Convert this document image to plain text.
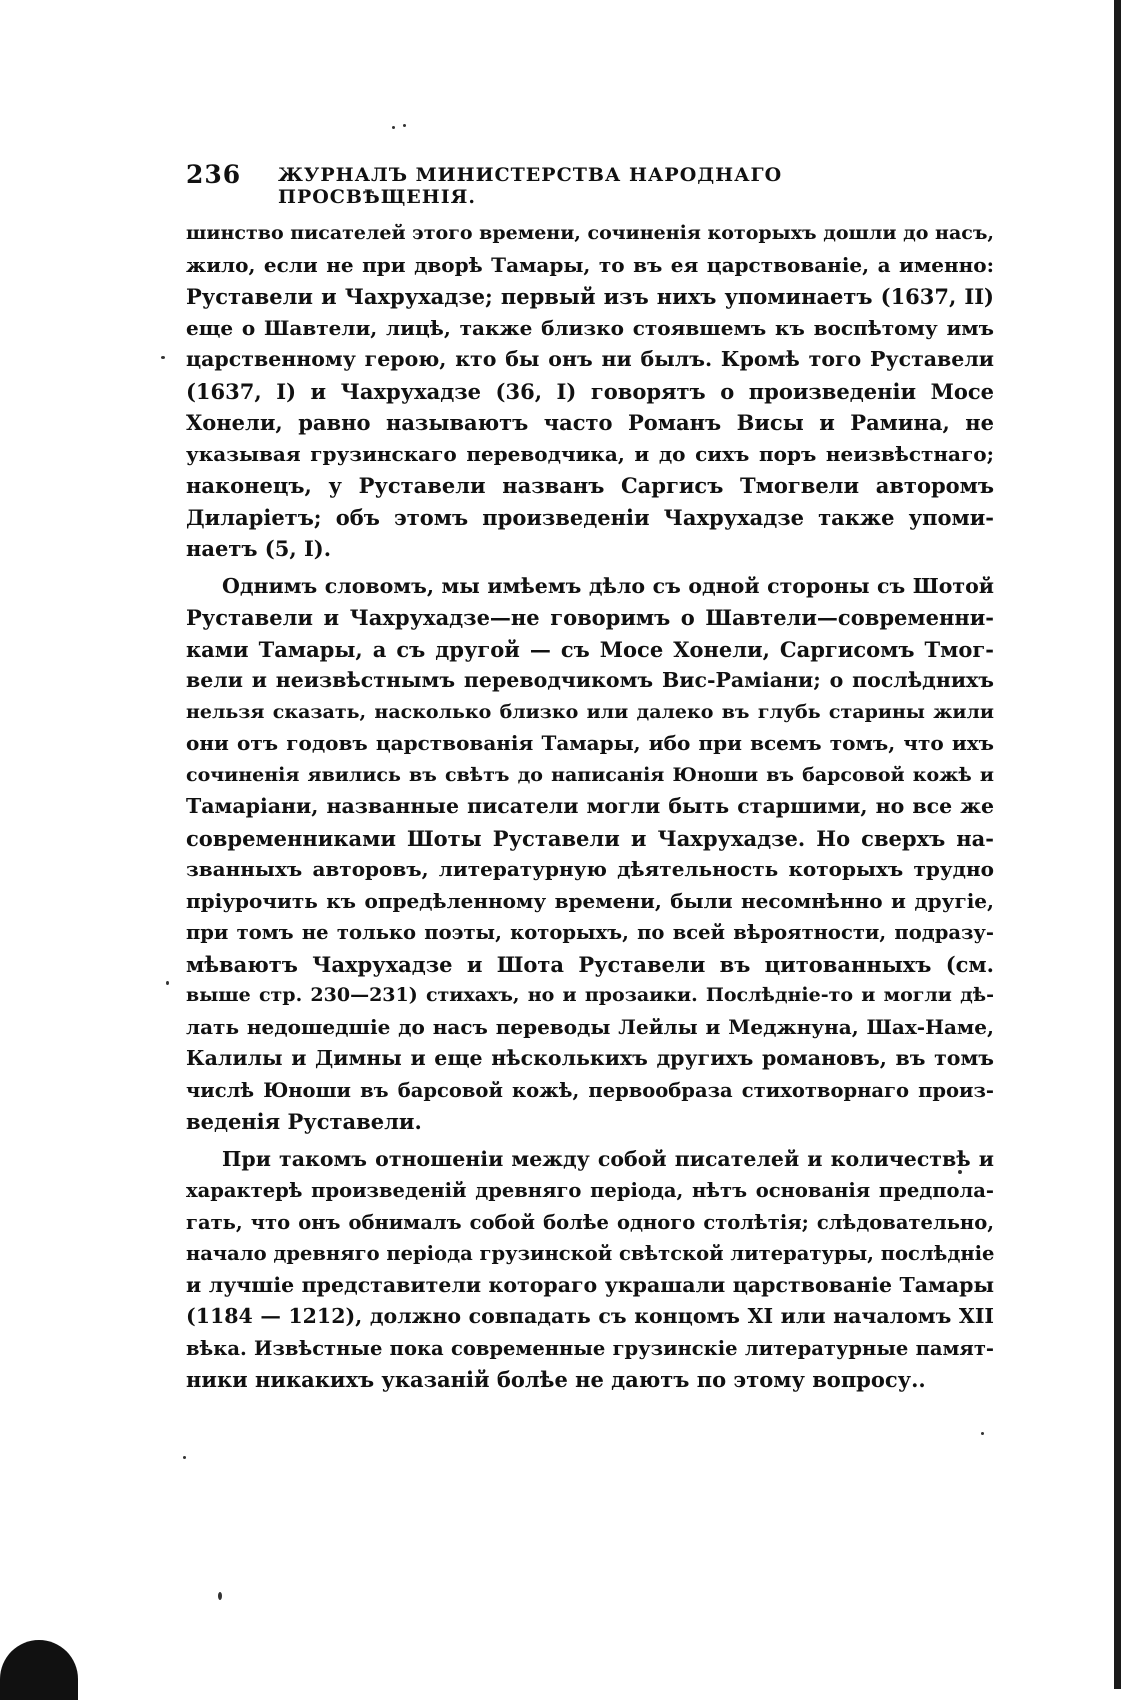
236 ЖУРНАЛЪ МИНИСТЕРСТВА НАРОДНАГО ПРОСВѢЩЕНІЯ.
шинство писателей этого времени, сочиненія которыхъ дошли до насъ,
жило, если не при дворѣ Тамары, то въ ея царствованіе, а именно:
Руставели и Чахрухадзе; первый изъ нихъ упоминаетъ (1637, II)
еще о Шавтели, лицѣ, также близко стоявшемъ къ воспѣтому имъ
царственному герою, кто бы онъ ни былъ. Кромѣ того Руставели
(1637, I) и Чахрухадзе (36, I) говорятъ о произведеніи Мосе
Хонели, равно называютъ часто Романъ Висы и Рамина, не
указывая грузинскаго переводчика, и до сихъ поръ неизвѣстнаго;
наконецъ, у Руставели названъ Саргисъ Тмогвели авторомъ
Диларіетъ; объ этомъ произведеніи Чахрухадзе также упоми-
наетъ (5, I).
Однимъ словомъ, мы имѣемъ дѣло съ одной стороны съ Шотой
Руставели и Чахрухадзе—не говоримъ о Шавтели—современни-
ками Тамары, а съ другой — съ Мосе Хонели, Саргисомъ Тмог-
вели и неизвѣстнымъ переводчикомъ Вис-Раміани; о послѣднихъ
нельзя сказать, насколько близко или далеко въ глубь старины жили
они отъ годовъ царствованія Тамары, ибо при всемъ томъ, что ихъ
сочиненія явились въ свѣтъ до написанія Юноши въ барсовой кожѣ и
Тамаріани, названные писатели могли быть старшими, но все же
современниками Шоты Руставели и Чахрухадзе. Но сверхъ на-
званныхъ авторовъ, литературную дѣятельность которыхъ трудно
пріурочить къ опредѣленному времени, были несомнѣнно и другіе,
при томъ не только поэты, которыхъ, по всей вѣроятности, подразу-
мѣваютъ Чахрухадзе и Шота Руставели въ цитованныхъ (см.
выше стр. 230—231) стихахъ, но и прозаики. Послѣдніе-то и могли дѣ-
лать недошедшіе до насъ переводы Лейлы и Меджнуна, Шах-Наме,
Калилы и Димны и еще нѣсколькихъ другихъ романовъ, въ томъ
числѣ Юноши въ барсовой кожѣ, первообраза стихотворнаго произ-
веденія Руставели.
При такомъ отношеніи между собой писателей и количествѣ и
характерѣ произведеній древняго періода, нѣтъ основанія предпола-
гать, что онъ обнималъ собой болѣе одного столѣтія; слѣдовательно,
начало древняго періода грузинской свѣтской литературы, послѣдніе
и лучшіе представители котораго украшали царствованіе Тамары
(1184 — 1212), должно совпадать съ концомъ XI или началомъ XII
вѣка. Извѣстные пока современные грузинскіе литературные памят-
ники никакихъ указаній болѣе не даютъ по этому вопросу..
